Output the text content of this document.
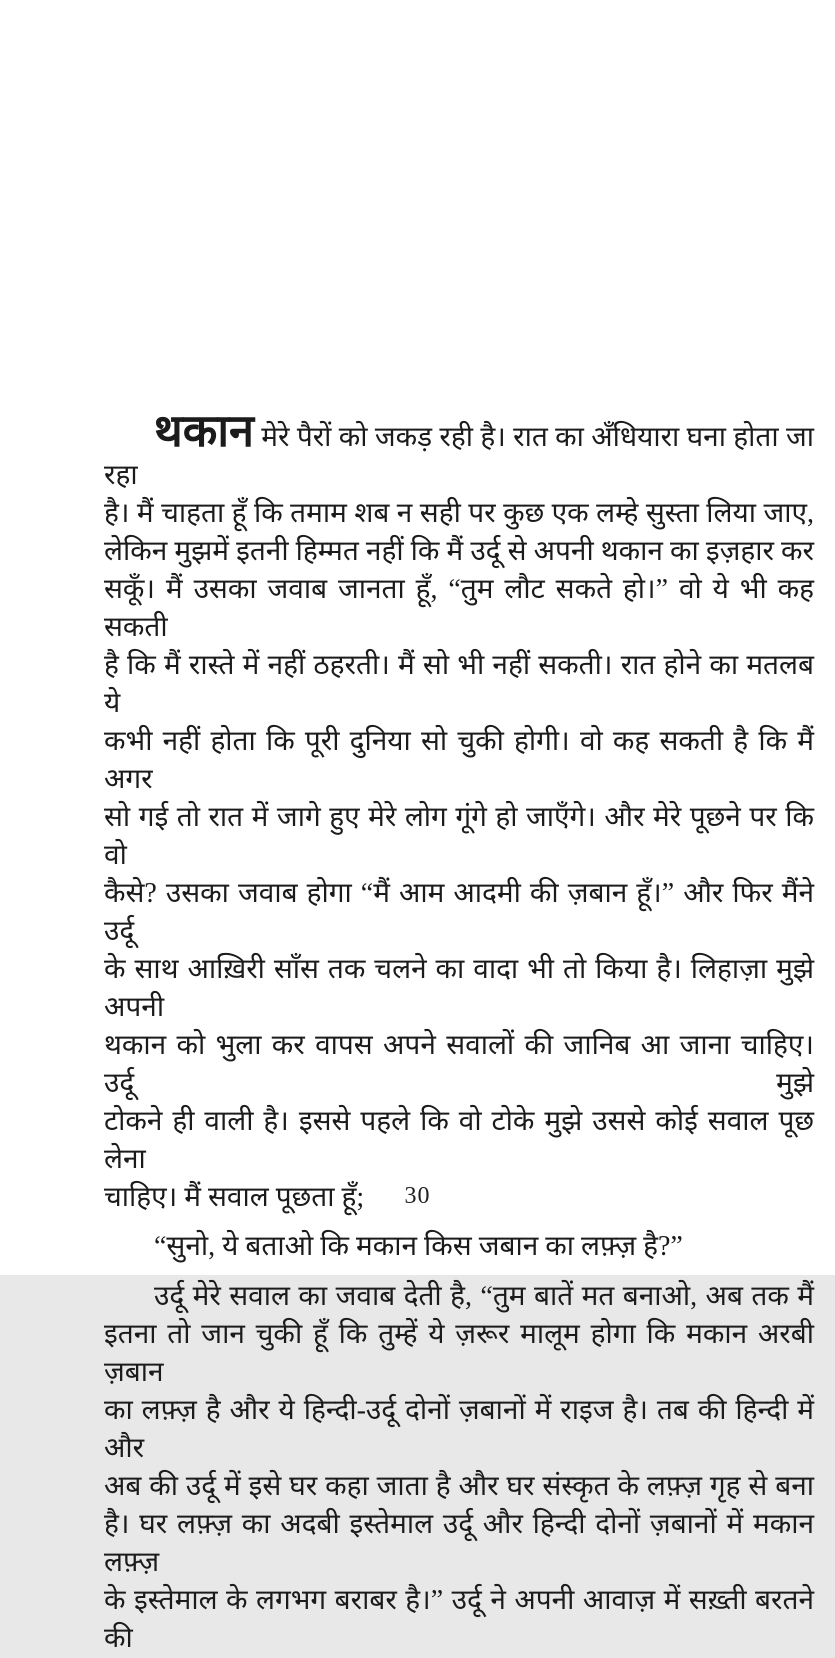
थकान मेरे पैरों को जकड़ रही है। रात का अँधियारा घना होता जा रहा
है। मैं चाहता हूँ कि तमाम शब न सही पर कुछ एक लम्हे सुस्ता लिया जाए,
लेकिन मुझमें इतनी हिम्मत नहीं कि मैं उर्दू से अपनी थकान का इज़हार कर
सकूँ। मैं उसका जवाब जानता हूँ, “तुम लौट सकते हो।” वो ये भी कह सकती
है कि मैं रास्ते में नहीं ठहरती। मैं सो भी नहीं सकती। रात होने का मतलब ये
कभी नहीं होता कि पूरी दुनिया सो चुकी होगी। वो कह सकती है कि मैं अगर
सो गई तो रात में जागे हुए मेरे लोग गूंगे हो जाएँगे। और मेरे पूछने पर कि वो
कैसे? उसका जवाब होगा “मैं आम आदमी की ज़बान हूँ।” और फिर मैंने उर्दू
के साथ आख़िरी साँस तक चलने का वादा भी तो किया है। लिहाज़ा मुझे अपनी
थकान को भुला कर वापस अपने सवालों की जानिब आ जाना चाहिए। उर्दू मुझे
टोकने ही वाली है। इससे पहले कि वो टोके मुझे उससे कोई सवाल पूछ लेना
चाहिए। मैं सवाल पूछता हूँ;
“सुनो, ये बताओ कि मकान किस जबान का लफ़्ज़ है?”
उर्दू मेरे सवाल का जवाब देती है, “तुम बातें मत बनाओ, अब तक मैं
इतना तो जान चुकी हूँ कि तुम्हें ये ज़रूर मालूम होगा कि मकान अरबी ज़बान
का लफ़्ज़ है और ये हिन्दी-उर्दू दोनों ज़बानों में राइज है। तब की हिन्दी में और
अब की उर्दू में इसे घर कहा जाता है और घर संस्कृत के लफ़्ज़ गृह से बना
है। घर लफ़्ज़ का अदबी इस्तेमाल उर्दू और हिन्दी दोनों ज़बानों में मकान लफ़्ज़
के इस्तेमाल के लगभग बराबर है।” उर्दू ने अपनी आवाज़ में सख़्ती बरतने की
30
